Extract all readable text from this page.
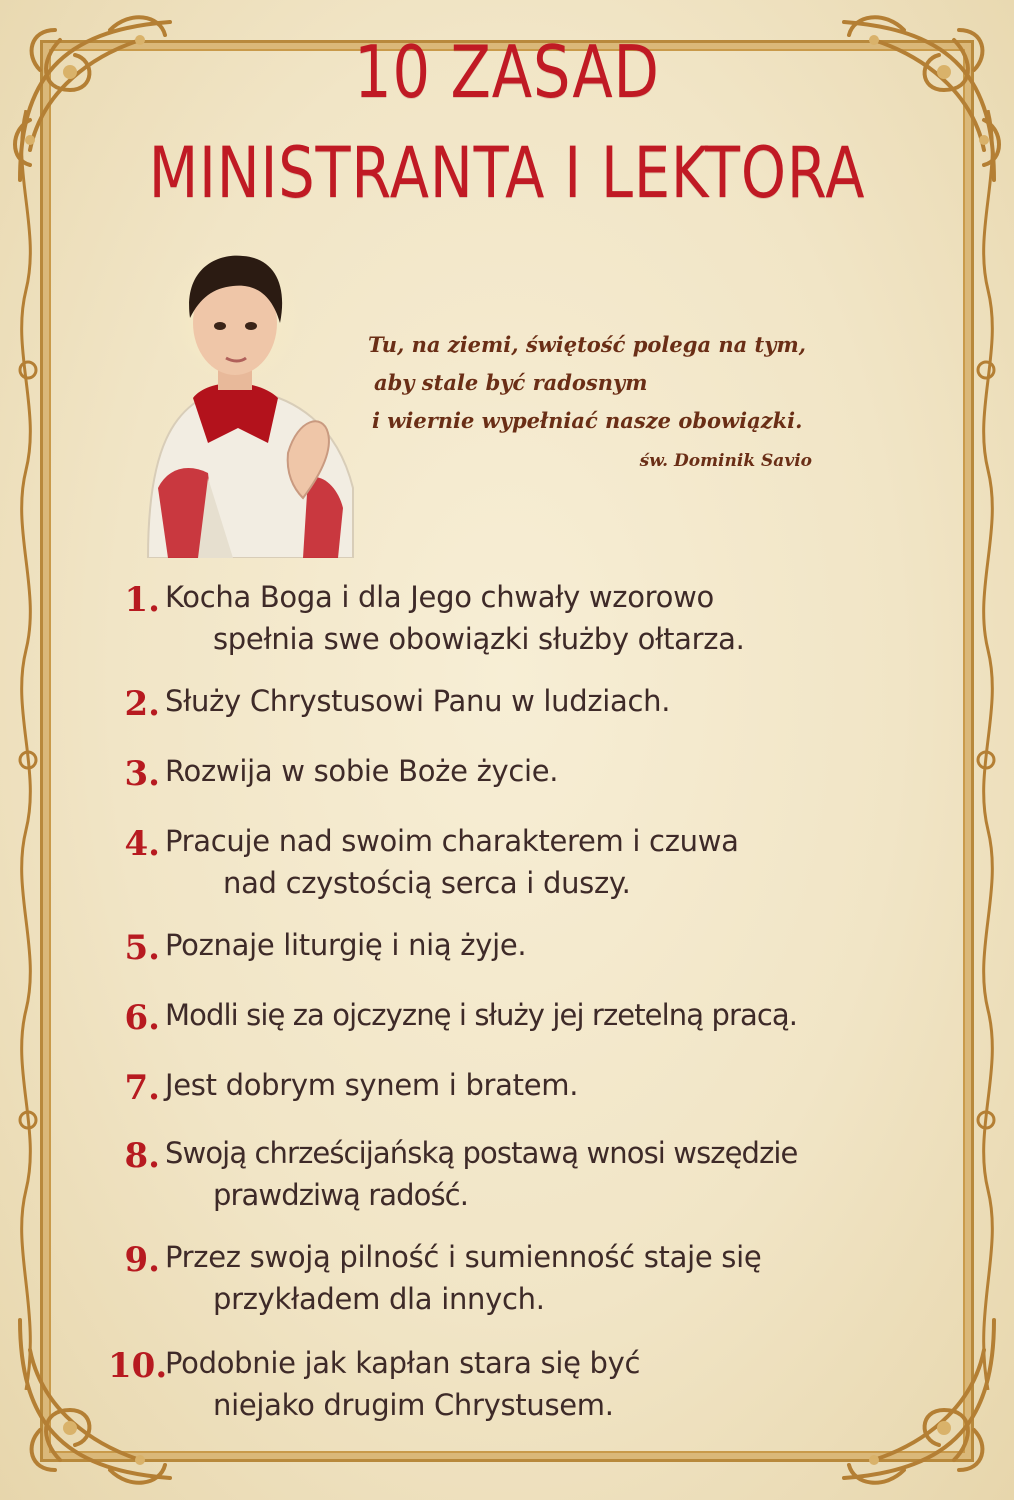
10 ZASAD
MINISTRANTA I LEKTORA
Tu, na ziemi, świętość polega na tym,
aby stale być radosnym
i wiernie wypełniać nasze obowiązki.
św. Dominik Savio
1. Kocha Boga i dla Jego chwały wzorowo
spełnia swe obowiązki służby ołtarza.
2. Służy Chrystusowi Panu w ludziach.
3. Rozwija w sobie Boże życie.
4. Pracuje nad swoim charakterem i czuwa
nad czystością serca i duszy.
5. Poznaje liturgię i nią żyje.
6. Modli się za ojczyznę i służy jej rzetelną pracą.
7. Jest dobrym synem i bratem.
8. Swoją chrześcijańską postawą wnosi wszędzie
prawdziwą radość.
9. Przez swoją pilność i sumienność staje się
przykładem dla innych.
10.
Podobnie jak kapłan stara się być
niejako drugim Chrystusem.
